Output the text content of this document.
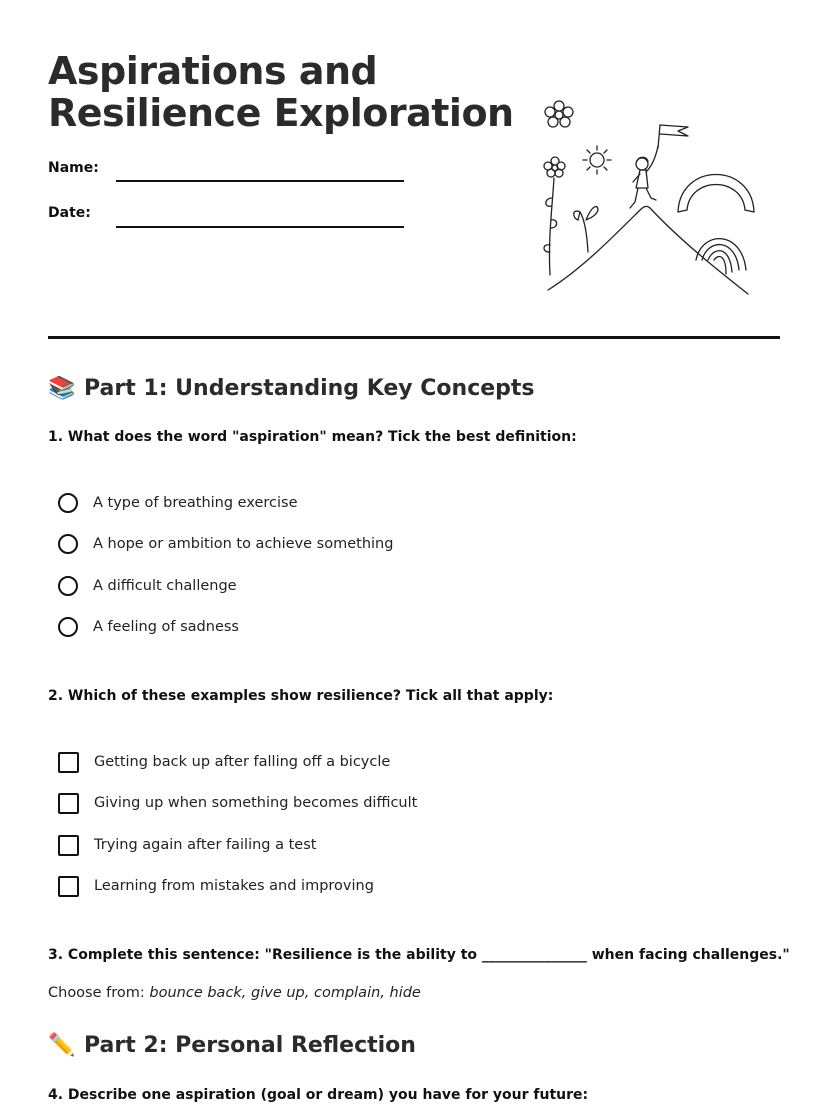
Aspirations and
Resilience Exploration
Name:
Date:
📚 Part 1: Understanding Key Concepts
1. What does the word "aspiration" mean? Tick the best definition:
A type of breathing exercise
A hope or ambition to achieve something
A difficult challenge
A feeling of sadness
2. Which of these examples show resilience? Tick all that apply:
Getting back up after falling off a bicycle
Giving up when something becomes difficult
Trying again after failing a test
Learning from mistakes and improving
3. Complete this sentence: "Resilience is the ability to _______________ when facing challenges."
Choose from: bounce back, give up, complain, hide
✏️ Part 2: Personal Reflection
4. Describe one aspiration (goal or dream) you have for your future:
